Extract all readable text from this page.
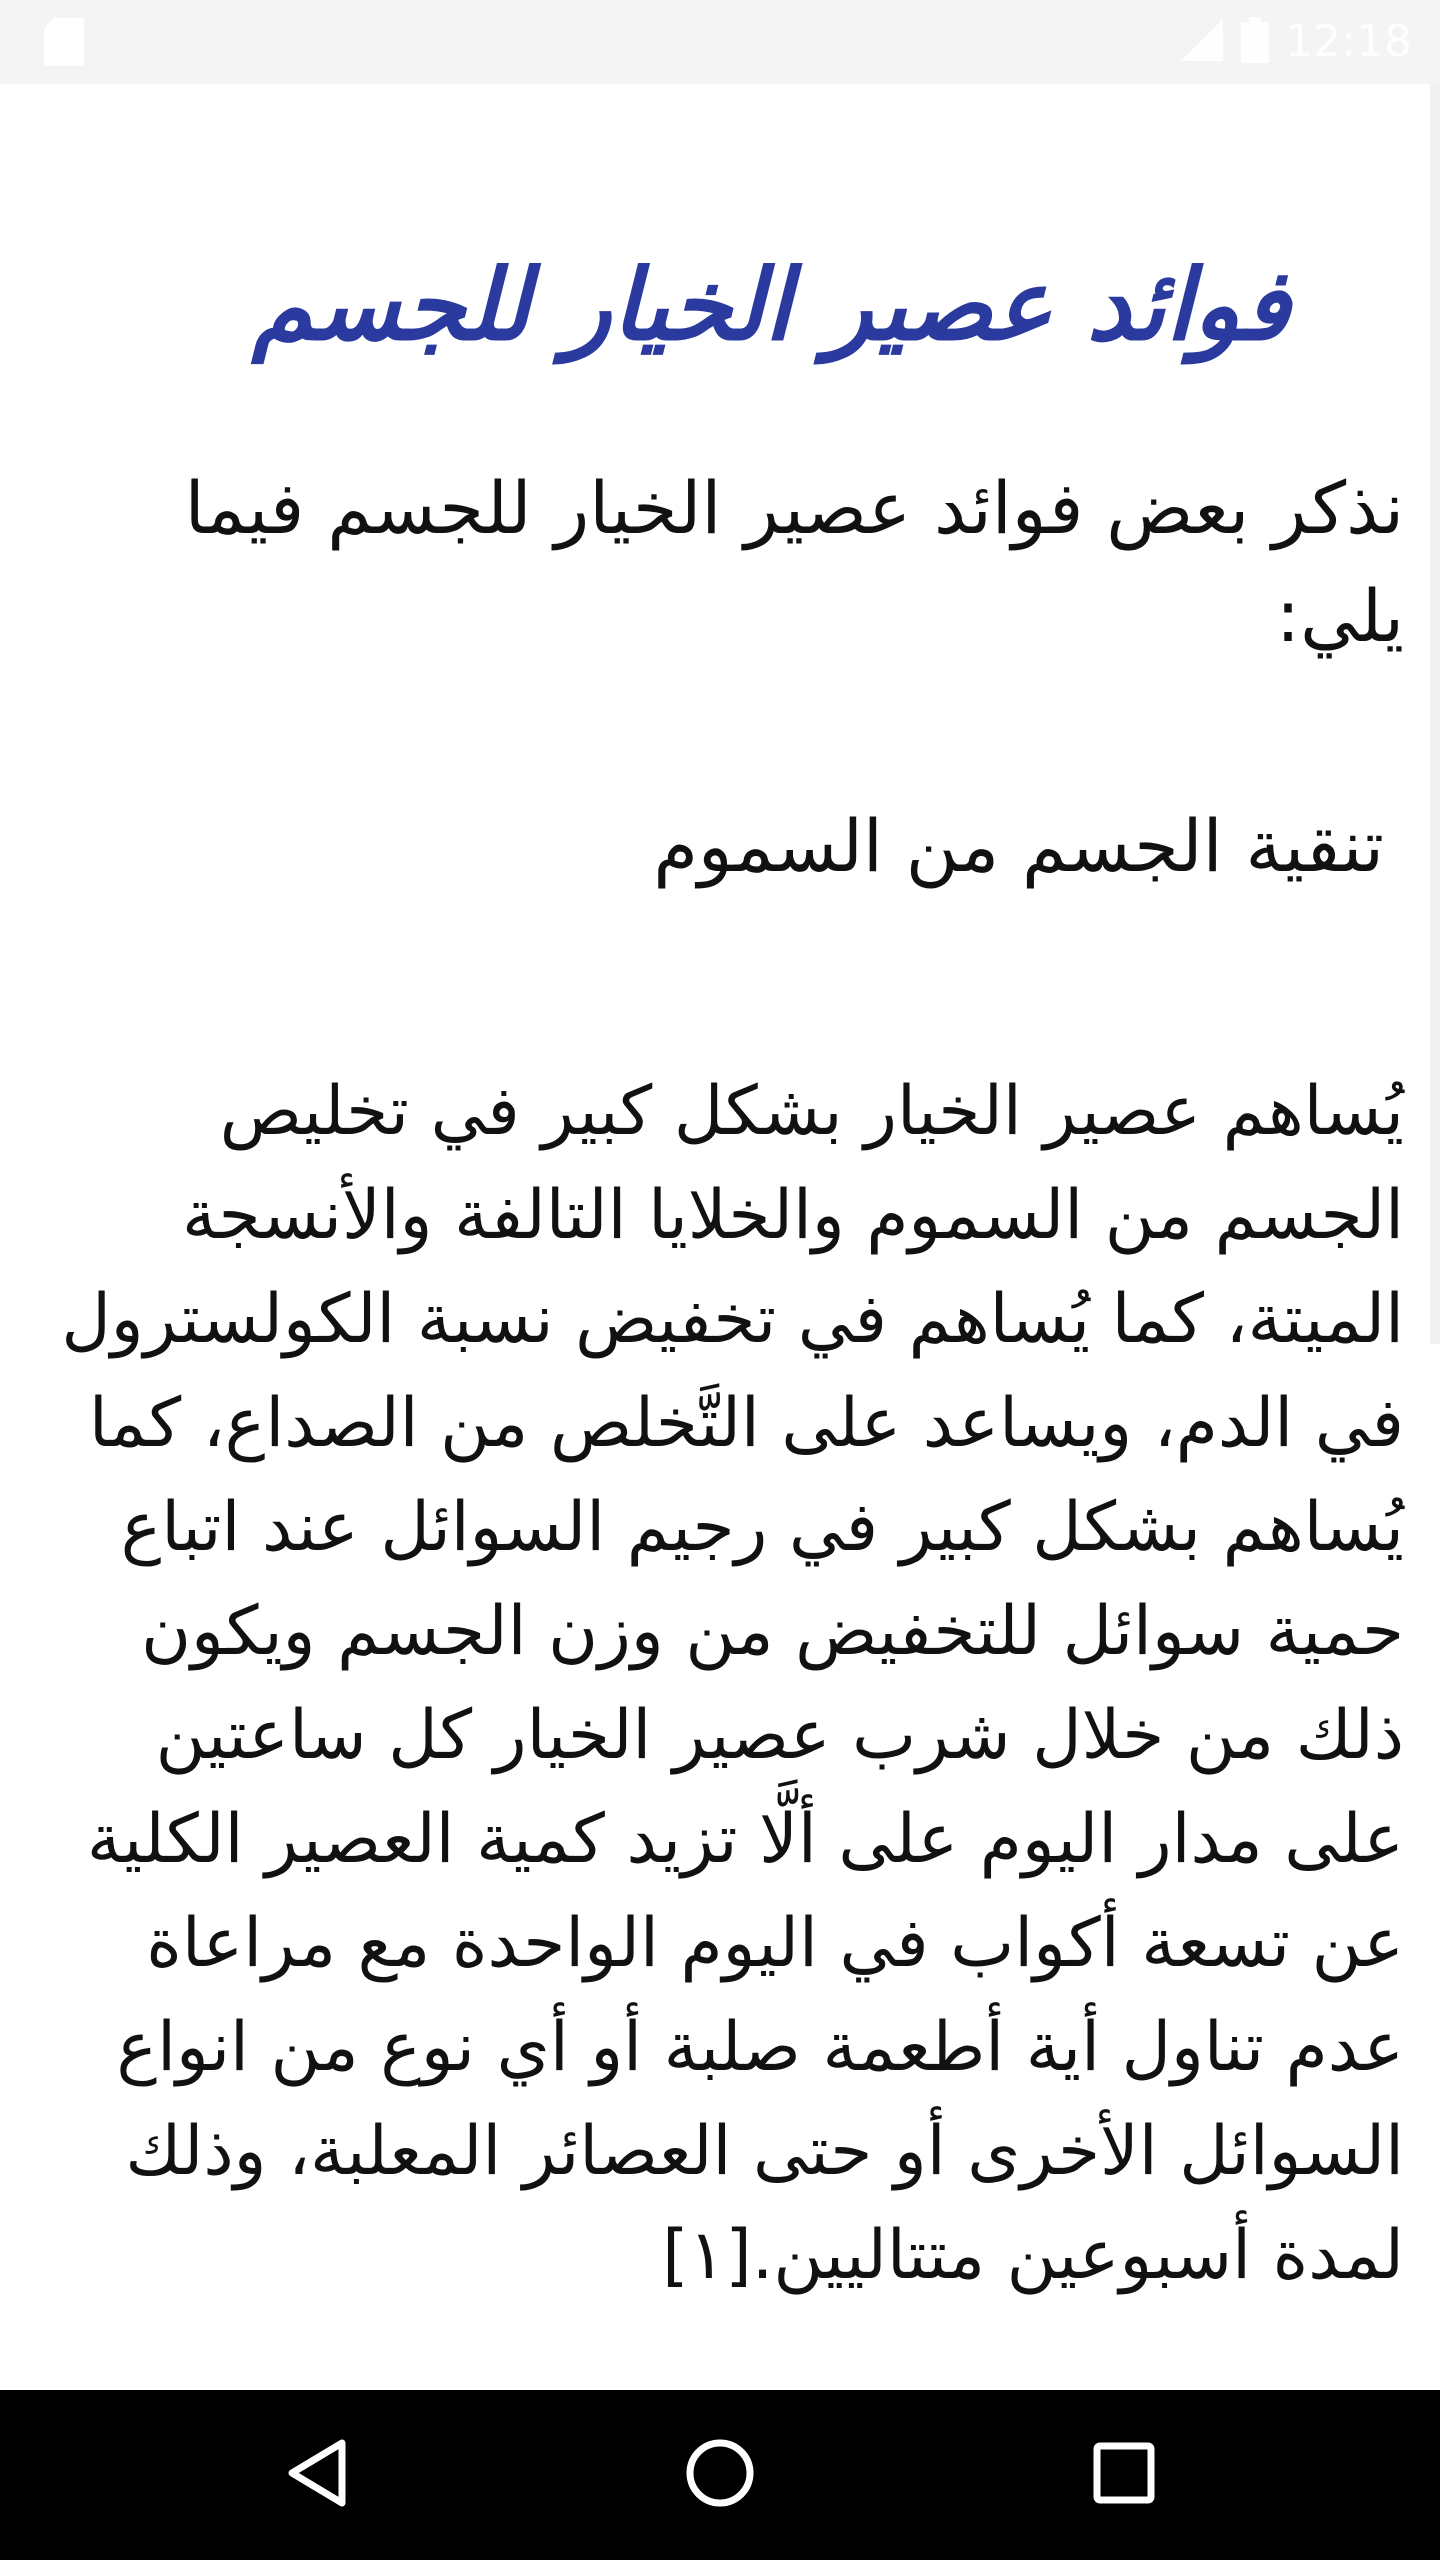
12:18
فوائد عصير الخيار للجسم

نذكر بعض فوائد عصير الخيار للجسم فيما يلي:

تنقية الجسم من السموم

يُساهم عصير الخيار بشكل كبير في تخليص الجسم من السموم والخلايا التالفة والأنسجة الميتة، كما يُساهم في تخفيض نسبة الكولسترول في الدم، ويساعد على التَّخلص من الصداع، كما يُساهم بشكل كبير في رجيم السوائل عند اتباع حمية سوائل للتخفيض من وزن الجسم ويكون ذلك من خلال شرب عصير الخيار كل ساعتين على مدار اليوم على ألَّا تزيد كمية العصير الكلية عن تسعة أكواب في اليوم الواحدة مع مراعاة عدم تناول أية أطعمة صلبة أو أي نوع من انواع السوائل الأخرى أو حتى العصائر المعلبة، وذلك لمدة أسبوعين متتاليين.[١]
